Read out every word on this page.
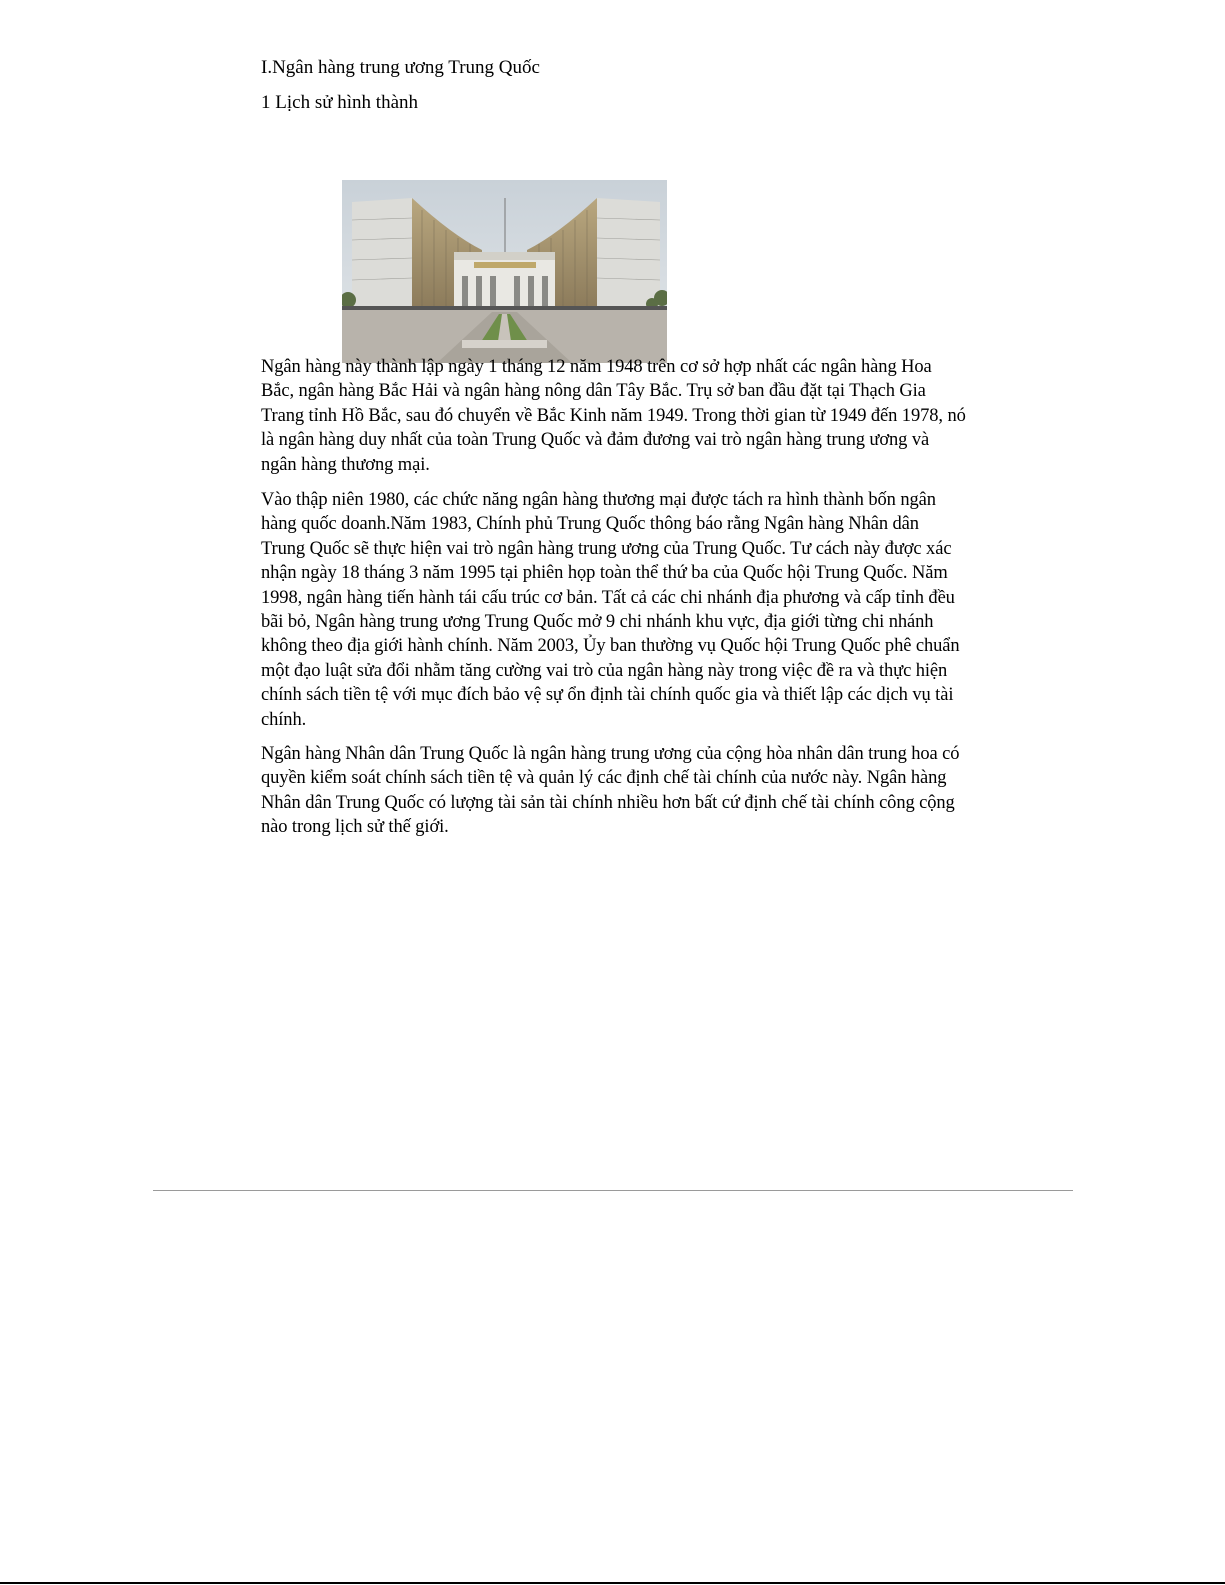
I.Ngân hàng trung ương Trung Quốc
1 Lịch sử hình thành

Ngân hàng này thành lập ngày 1 tháng 12 năm 1948 trên cơ sở hợp nhất các ngân hàng Hoa Bắc, ngân hàng Bắc Hải và ngân hàng nông dân Tây Bắc. Trụ sở ban đầu đặt tại Thạch Gia Trang tỉnh Hồ Bắc, sau đó chuyển về Bắc Kinh năm 1949. Trong thời gian từ 1949 đến 1978, nó là ngân hàng duy nhất của toàn Trung Quốc và đảm đương vai trò ngân hàng trung ương và ngân hàng thương mại.

Vào thập niên 1980, các chức năng ngân hàng thương mại được tách ra hình thành bốn ngân hàng quốc doanh.Năm 1983, Chính phủ Trung Quốc thông báo rằng Ngân hàng Nhân dân Trung Quốc sẽ thực hiện vai trò ngân hàng trung ương của Trung Quốc. Tư cách này được xác nhận ngày 18 tháng 3 năm 1995 tại phiên họp toàn thể thứ ba của Quốc hội Trung Quốc. Năm 1998, ngân hàng tiến hành tái cấu trúc cơ bản. Tất cả các chi nhánh địa phương và cấp tỉnh đều bãi bỏ, Ngân hàng trung ương Trung Quốc mở 9 chi nhánh khu vực, địa giới từng chi nhánh không theo địa giới hành chính. Năm 2003, Ủy ban thường vụ Quốc hội Trung Quốc phê chuẩn một đạo luật sửa đổi nhằm tăng cường vai trò của ngân hàng này trong việc đề ra và thực hiện chính sách tiền tệ với mục đích bảo vệ sự ổn định tài chính quốc gia và thiết lập các dịch vụ tài chính.

Ngân hàng Nhân dân Trung Quốc là ngân hàng trung ương của cộng hòa nhân dân trung hoa có quyền kiểm soát chính sách tiền tệ và quản lý các định chế tài chính của nước này. Ngân hàng Nhân dân Trung Quốc có lượng tài sản tài chính nhiều hơn bất cứ định chế tài chính công cộng nào trong lịch sử thế giới.
